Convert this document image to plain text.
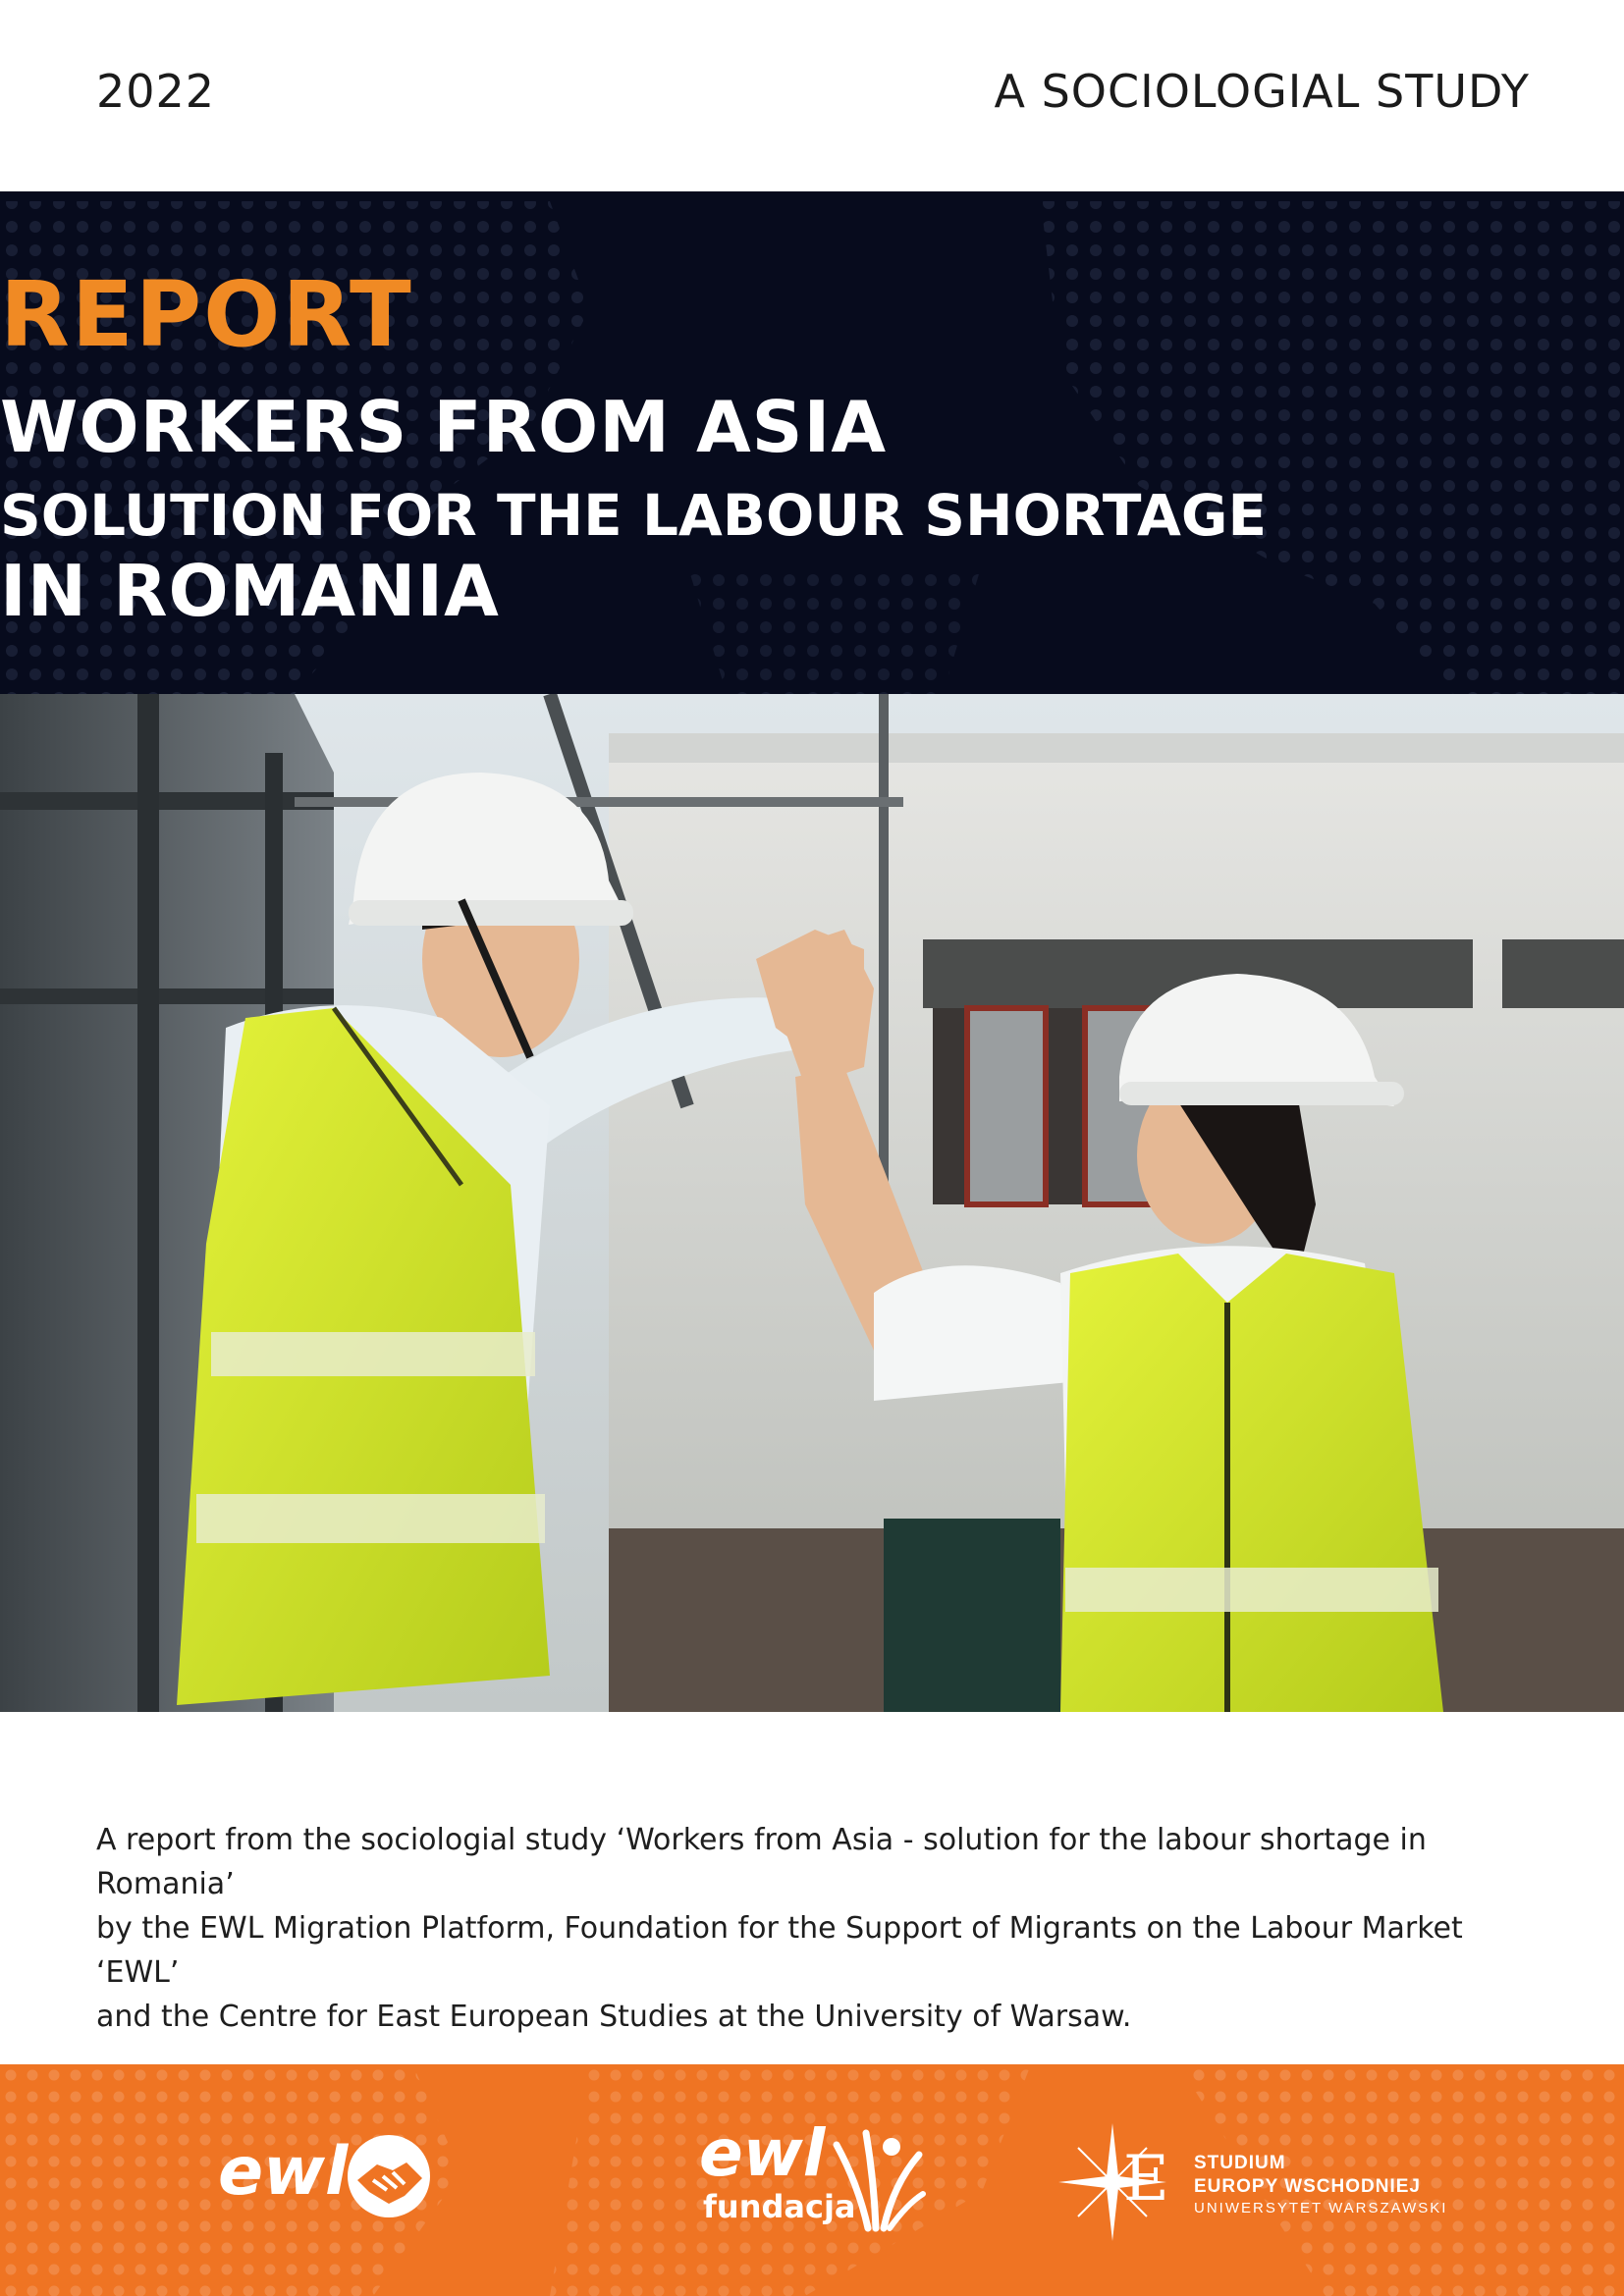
2022	A SOCIOLOGIAL STUDY
REPORT
WORKERS FROM ASIA
SOLUTION FOR THE LABOUR SHORTAGE
IN ROMANIA

A report from the sociologial study ‘Workers from Asia - solution for the labour shortage in Romania’

by the EWL Migration Platform, Foundation for the Support of Migrants on the Labour Market ‘EWL’

and the Centre for East European Studies at the University of Warsaw.

ewl	ewl
fundacja	E STUDIUM
EUROPY WSCHODNIEJ
UNIWERSYTET WARSZAWSKI
